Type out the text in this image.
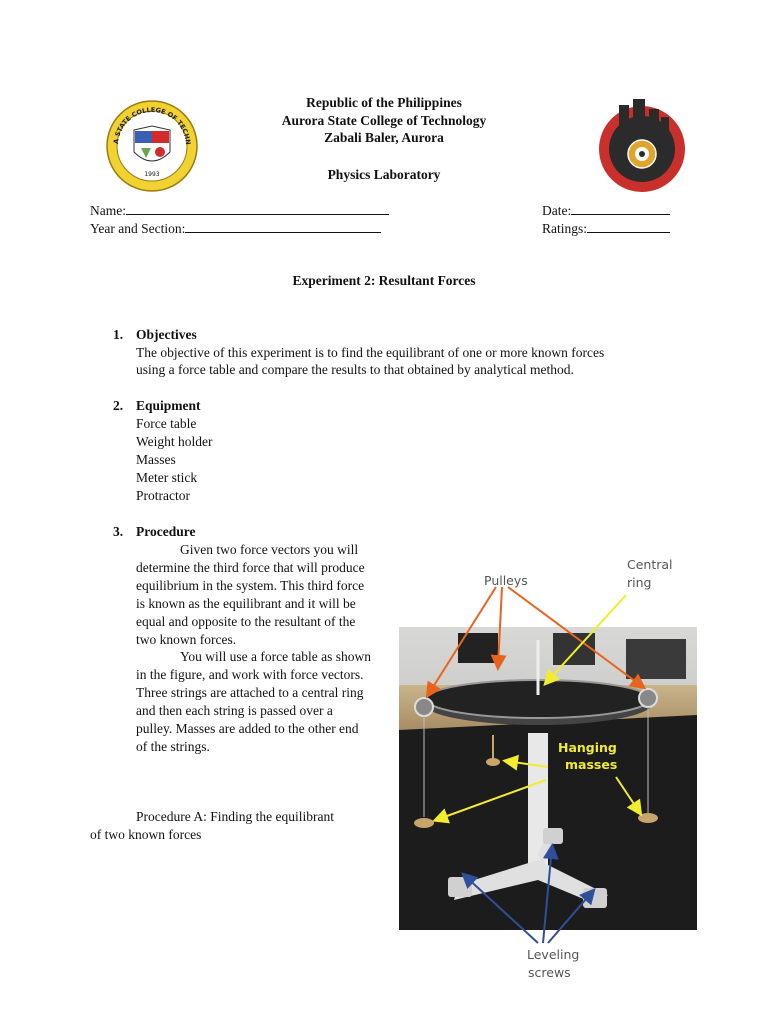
1993
A STATE COLLEGE OF TECHN
Republic of the Philippines
Aurora State College of Technology
Zabali Baler, Aurora
Physics Laboratory
Name:
Year and Section:
Date:
Ratings:
Experiment 2: Resultant Forces
1. Objectives
The objective of this experiment is to find the equilibrant of one or more known forces
using a force table and compare the results to that obtained by analytical method.
2. Equipment
Force table
Weight holder
Masses
Meter stick
Protractor
3. Procedure

Given two force vectors you will determine the third force that will produce equilibrium in the system. This third force is known as the equilibrant and it will be equal and opposite to the resultant of the two known forces.

You will use a force table as shown in the figure, and work with force vectors. Three strings are attached to a central ring and then each string is passed over a pulley. Masses are added to the other end of the strings.

Procedure A: Finding the equilibrant
of two known forces
Pulleys
Central
ring
Hanging
masses
Leveling
screws
